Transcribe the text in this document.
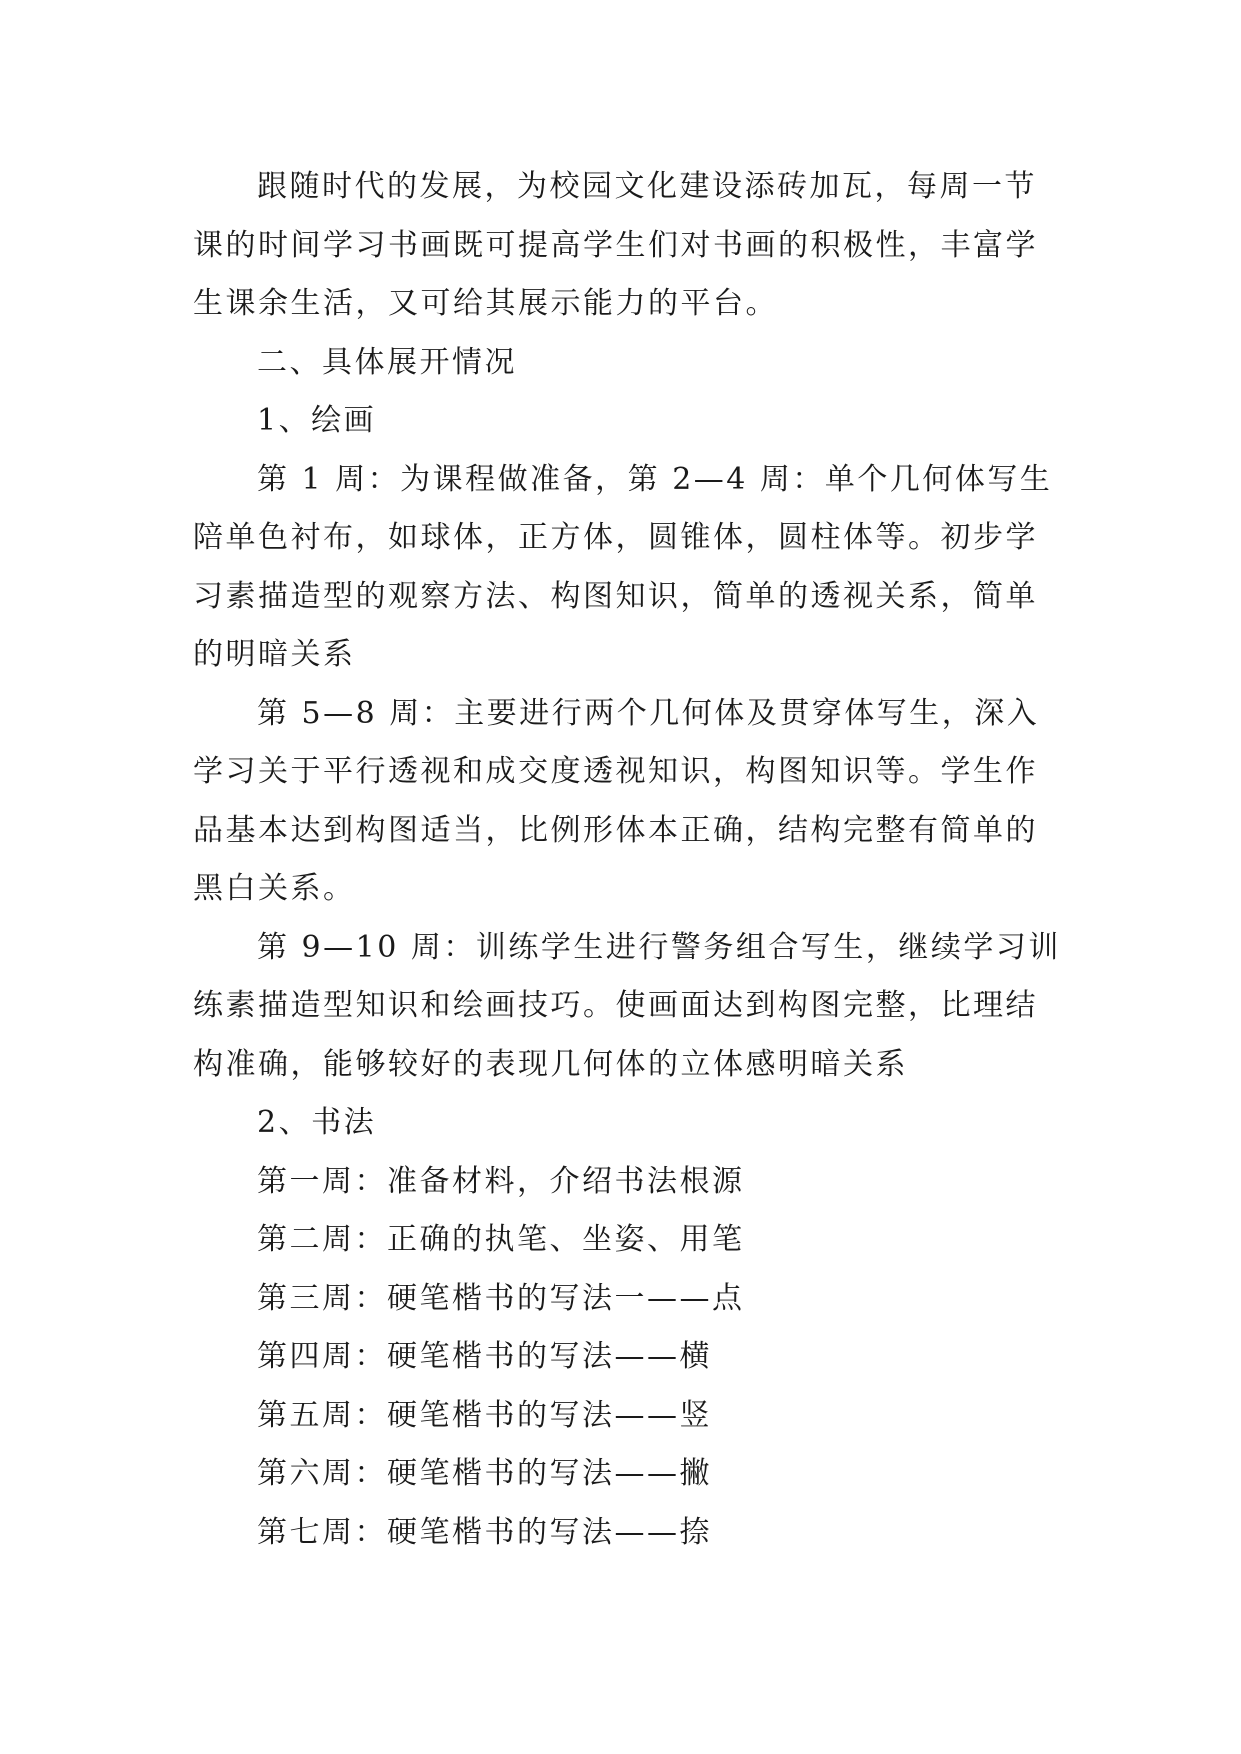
跟随时代的发展，为校园文化建设添砖加瓦，每周一节
课的时间学习书画既可提高学生们对书画的积极性，丰富学
生课余生活，又可给其展示能力的平台。
二、具体展开情况
1、绘画
第 1 周：为课程做准备，第 2—4 周：单个几何体写生
陪单色衬布，如球体，正方体，圆锥体，圆柱体等。初步学
习素描造型的观察方法、构图知识，简单的透视关系，简单
的明暗关系
第 5—8 周：主要进行两个几何体及贯穿体写生，深入
学习关于平行透视和成交度透视知识，构图知识等。学生作
品基本达到构图适当，比例形体本正确，结构完整有简单的
黑白关系。
第 9—10 周：训练学生进行警务组合写生，继续学习训
练素描造型知识和绘画技巧。使画面达到构图完整，比理结
构准确，能够较好的表现几何体的立体感明暗关系
2、书法
第一周：准备材料，介绍书法根源
第二周：正确的执笔、坐姿、用笔
第三周：硬笔楷书的写法一——点
第四周：硬笔楷书的写法——横
第五周：硬笔楷书的写法——竖
第六周：硬笔楷书的写法——撇
第七周：硬笔楷书的写法——捺
